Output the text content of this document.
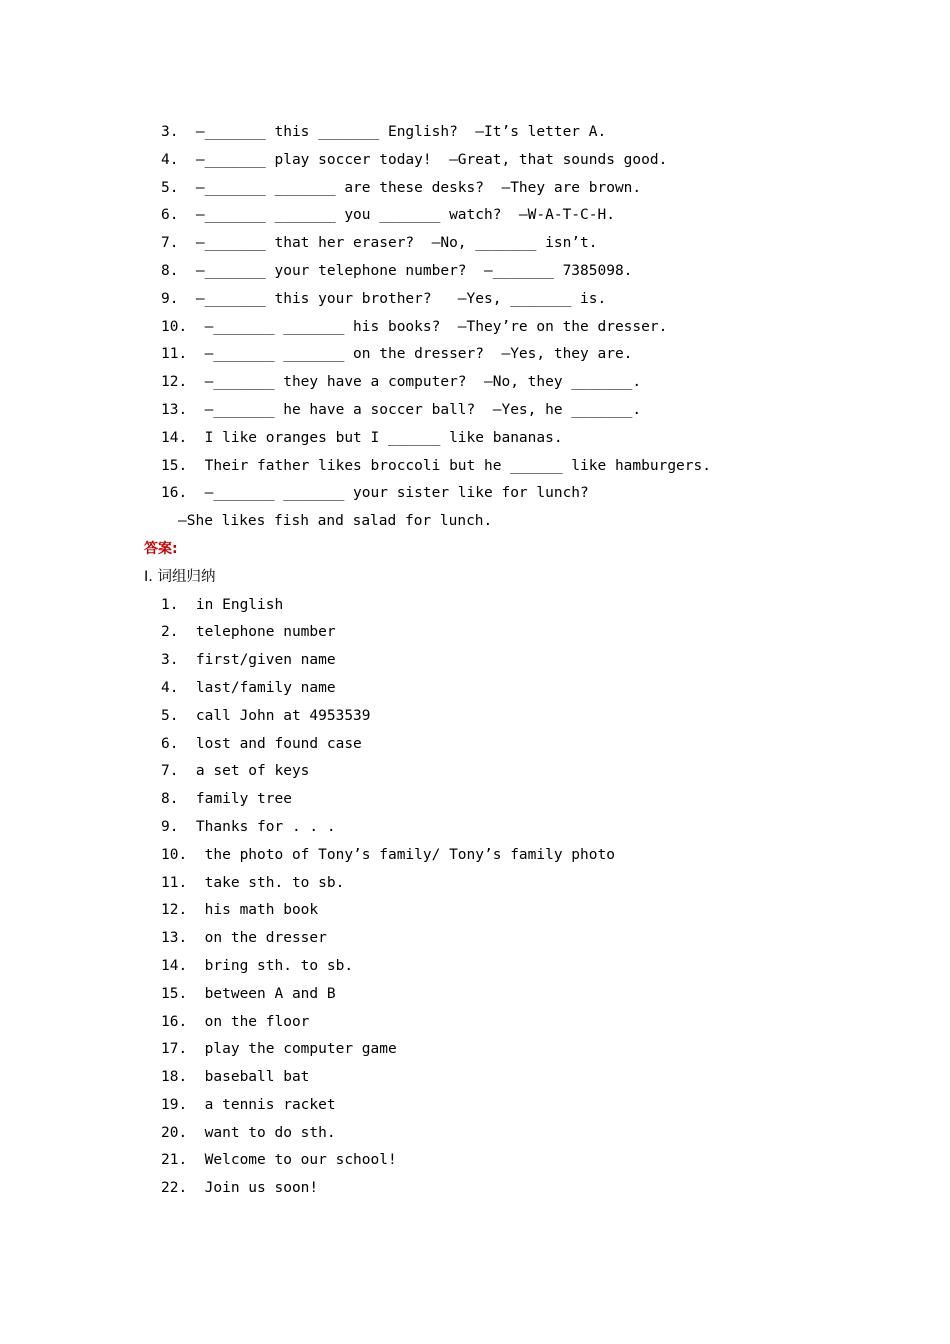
3.  —_______ this _______ English?  —It’s letter A.
4.  —_______ play soccer today!  —Great, that sounds good.
5.  —_______ _______ are these desks?  —They are brown.
6.  —_______ _______ you _______ watch?  —W-A-T-C-H.
7.  —_______ that her eraser?  —No, _______ isn’t.
8.  —_______ your telephone number?  —_______ 7385098.
9.  —_______ this your brother?   —Yes, _______ is.
10.  —_______ _______ his books?  —They’re on the dresser.
11.  —_______ _______ on the dresser?  —Yes, they are.
12.  —_______ they have a computer?  —No, they _______.
13.  —_______ he have a soccer ball?  —Yes, he _______.
14.  I like oranges but I ______ like bananas.
15.  Their father likes broccoli but he ______ like hamburgers.
16.  —_______ _______ your sister like for lunch?
—She likes fish and salad for lunch.
答案:
I. 词组归纳
1.  in English
2.  telephone number
3.  first/given name
4.  last/family name
5.  call John at 4953539
6.  lost and found case
7.  a set of keys
8.  family tree
9.  Thanks for . . .
10.  the photo of Tony’s family/ Tony’s family photo
11.  take sth. to sb.
12.  his math book
13.  on the dresser
14.  bring sth. to sb.
15.  between A and B
16.  on the floor
17.  play the computer game
18.  baseball bat
19.  a tennis racket
20.  want to do sth.
21.  Welcome to our school!
22.  Join us soon!
